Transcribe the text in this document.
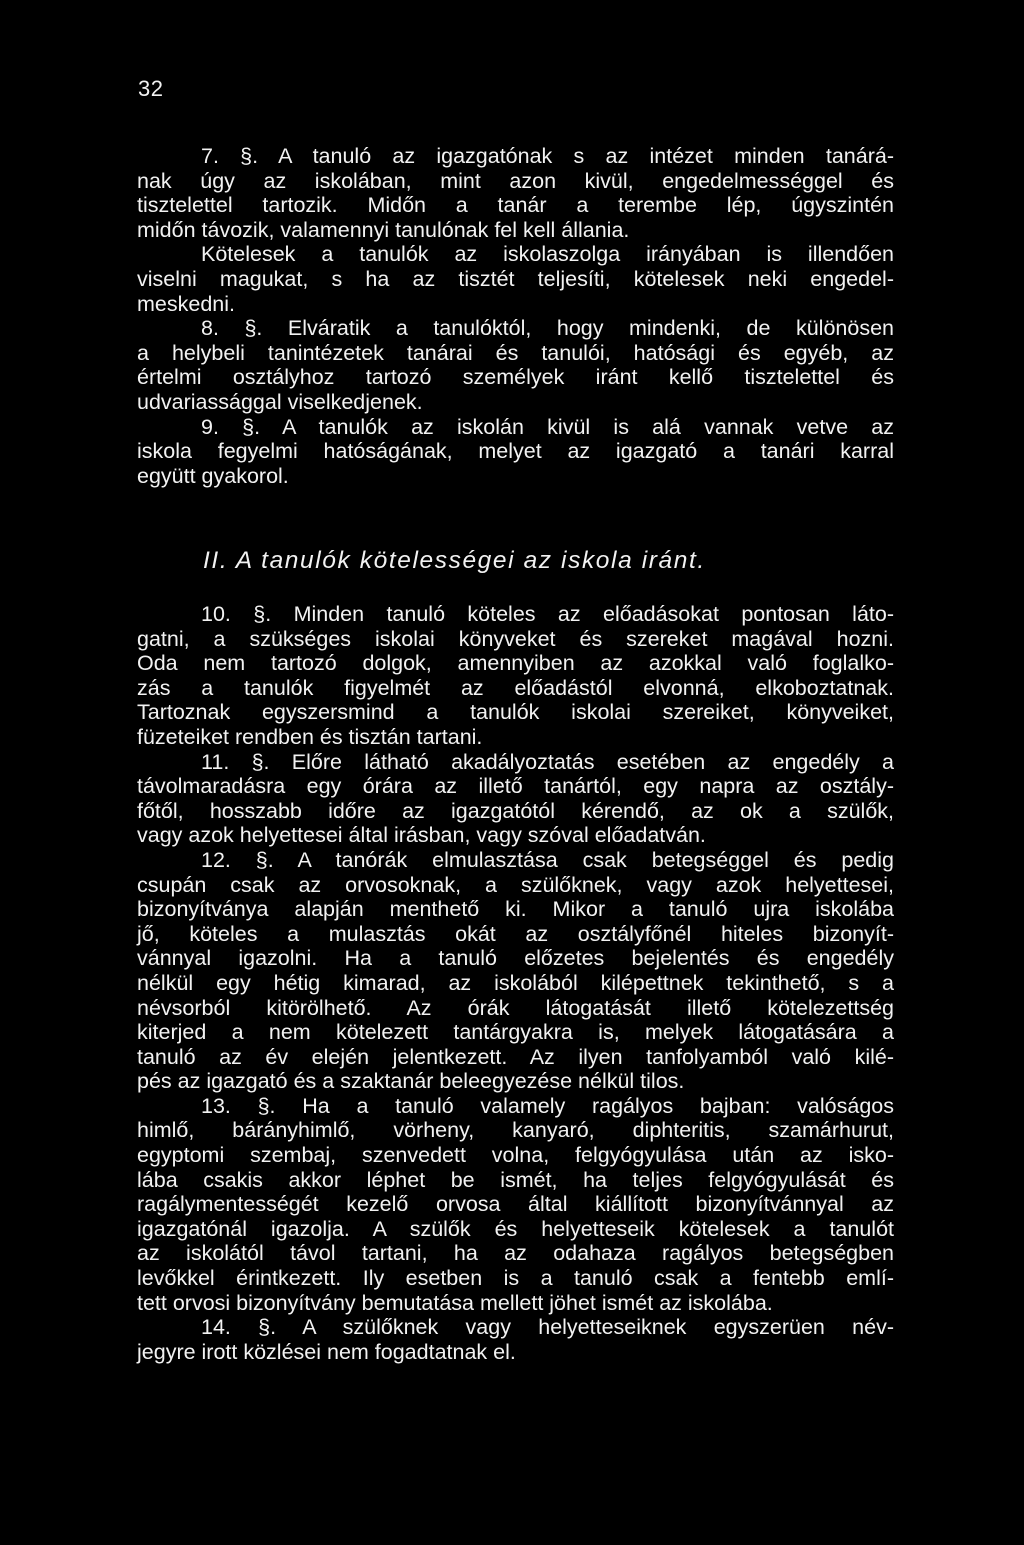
32
7. §. A tanuló az igazgatónak s az intézet minden tanárá-
nak úgy az iskolában, mint azon kivül, engedelmességgel és
tisztelettel tartozik. Midőn a tanár a terembe lép, úgyszintén
midőn távozik, valamennyi tanulónak fel kell állania.
Kötelesek a tanulók az iskolaszolga irányában is illendően
viselni magukat, s ha az tisztét teljesíti, kötelesek neki engedel-
meskedni.
8. §. Elváratik a tanulóktól, hogy mindenki, de különösen
a helybeli tanintézetek tanárai és tanulói, hatósági és egyéb, az
értelmi osztályhoz tartozó személyek iránt kellő tisztelettel és
udvariassággal viselkedjenek.
9. §. A tanulók az iskolán kivül is alá vannak vetve az
iskola fegyelmi hatóságának, melyet az igazgató a tanári karral
együtt gyakorol.
II. A tanulók kötelességei az iskola iránt.
10. §. Minden tanuló köteles az előadásokat pontosan láto-
gatni, a szükséges iskolai könyveket és szereket magával hozni.
Oda nem tartozó dolgok, amennyiben az azokkal való foglalko-
zás a tanulók figyelmét az előadástól elvonná, elkoboztatnak.
Tartoznak egyszersmind a tanulók iskolai szereiket, könyveiket,
füzeteiket rendben és tisztán tartani.
11. §. Előre látható akadályoztatás esetében az engedély a
távolmaradásra egy órára az illető tanártól, egy napra az osztály-
főtől, hosszabb időre az igazgatótól kérendő, az ok a szülők,
vagy azok helyettesei által irásban, vagy szóval előadatván.
12. §. A tanórák elmulasztása csak betegséggel és pedig
csupán csak az orvosoknak, a szülőknek, vagy azok helyettesei,
bizonyítványa alapján menthető ki. Mikor a tanuló ujra iskolába
jő, köteles a mulasztás okát az osztályfőnél hiteles bizonyít-
vánnyal igazolni. Ha a tanuló előzetes bejelentés és engedély
nélkül egy hétig kimarad, az iskolából kilépettnek tekinthető, s a
névsorból kitörölhető. Az órák látogatását illető kötelezettség
kiterjed a nem kötelezett tantárgyakra is, melyek látogatására a
tanuló az év elején jelentkezett. Az ilyen tanfolyamból való kilé-
pés az igazgató és a szaktanár beleegyezése nélkül tilos.
13. §. Ha a tanuló valamely ragályos bajban: valóságos
himlő, bárányhimlő, vörheny, kanyaró, diphteritis, szamárhurut,
egyptomi szembaj, szenvedett volna, felgyógyulása után az isko-
lába csakis akkor léphet be ismét, ha teljes felgyógyulását és
ragálymentességét kezelő orvosa által kiállított bizonyítvánnyal az
igazgatónál igazolja. A szülők és helyetteseik kötelesek a tanulót
az iskolától távol tartani, ha az odahaza ragályos betegségben
levőkkel érintkezett. Ily esetben is a tanuló csak a fentebb emlí-
tett orvosi bizonyítvány bemutatása mellett jöhet ismét az iskolába.
14. §. A szülőknek vagy helyetteseiknek egyszerüen név-
jegyre irott közlései nem fogadtatnak el.
